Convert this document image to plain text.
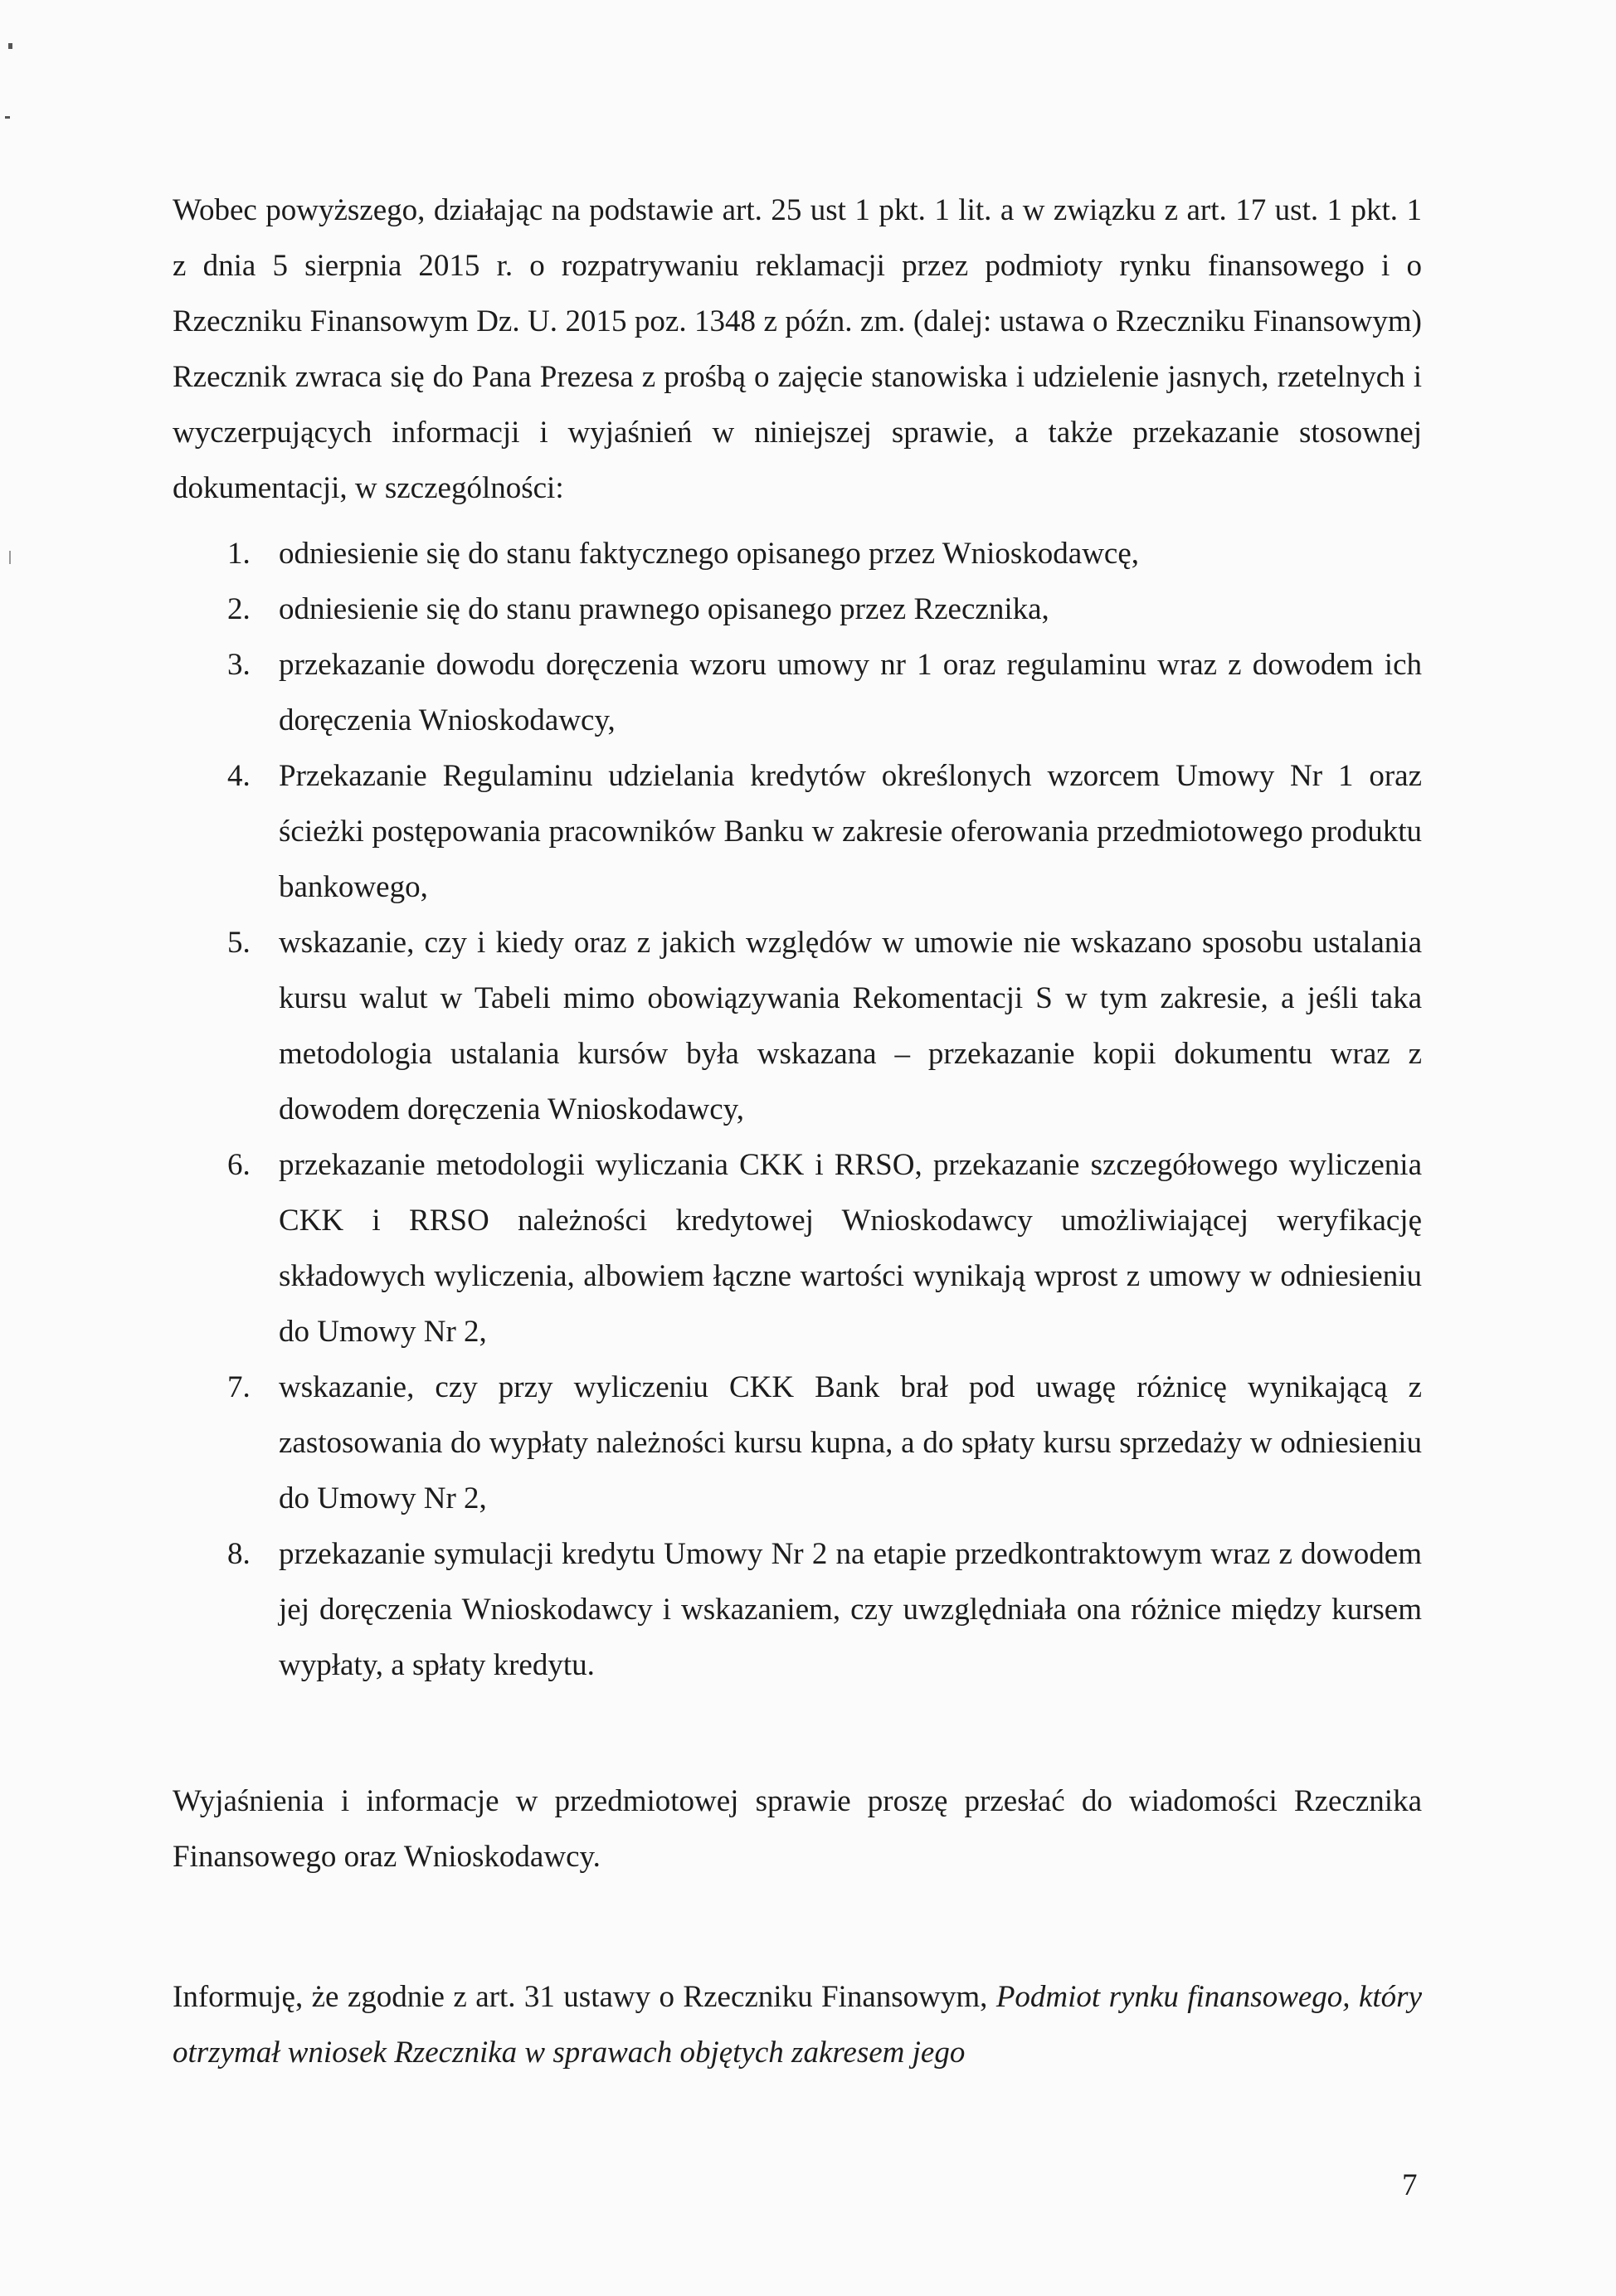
Wobec powyższego, działając na podstawie art. 25 ust 1 pkt. 1 lit. a w związku z art. 17 ust. 1 pkt. 1 z dnia 5 sierpnia 2015 r. o rozpatrywaniu reklamacji przez podmioty rynku finansowego i o Rzeczniku Finansowym Dz. U. 2015 poz. 1348 z późn. zm. (dalej: ustawa o Rzeczniku Finansowym) Rzecznik zwraca się do Pana Prezesa z prośbą o zajęcie stanowiska i udzielenie jasnych, rzetelnych i wyczerpujących informacji i wyjaśnień w niniejszej sprawie, a także przekazanie stosownej dokumentacji, w szczególności:

1. odniesienie się do stanu faktycznego opisanego przez Wnioskodawcę,
2. odniesienie się do stanu prawnego opisanego przez Rzecznika,
3. przekazanie dowodu doręczenia wzoru umowy nr 1 oraz regulaminu wraz z dowodem ich doręczenia Wnioskodawcy,
4. Przekazanie Regulaminu udzielania kredytów określonych wzorcem Umowy Nr 1 oraz ścieżki postępowania pracowników Banku w zakresie oferowania przedmiotowego produktu bankowego,
5. wskazanie, czy i kiedy oraz z jakich względów w umowie nie wskazano sposobu ustalania kursu walut w Tabeli mimo obowiązywania Rekomentacji S w tym zakresie, a jeśli taka metodologia ustalania kursów była wskazana – przekazanie kopii dokumentu wraz z dowodem doręczenia Wnioskodawcy,
6. przekazanie metodologii wyliczania CKK i RRSO, przekazanie szczegółowego wyliczenia CKK i RRSO należności kredytowej Wnioskodawcy umożliwiającej weryfikację składowych wyliczenia, albowiem łączne wartości wynikają wprost z umowy w odniesieniu do Umowy Nr 2,
7. wskazanie, czy przy wyliczeniu CKK Bank brał pod uwagę różnicę wynikającą z zastosowania do wypłaty należności kursu kupna, a do spłaty kursu sprzedaży w odniesieniu do Umowy Nr 2,
8. przekazanie symulacji kredytu Umowy Nr 2 na etapie przedkontraktowym wraz z dowodem jej doręczenia Wnioskodawcy i wskazaniem, czy uwzględniała ona różnice między kursem wypłaty, a spłaty kredytu.

Wyjaśnienia i informacje w przedmiotowej sprawie proszę przesłać do wiadomości Rzecznika Finansowego oraz Wnioskodawcy.

Informuję, że zgodnie z art. 31 ustawy o Rzeczniku Finansowym, Podmiot rynku finansowego, który otrzymał wniosek Rzecznika w sprawach objętych zakresem jego

7
